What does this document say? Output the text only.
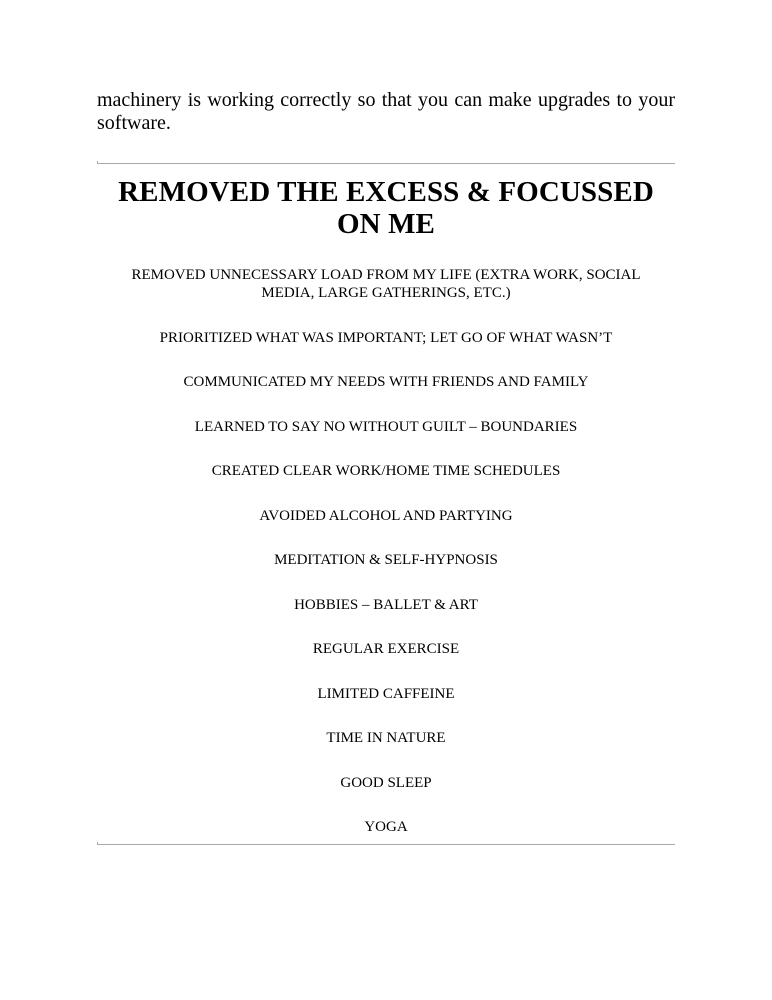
machinery is working correctly so that you can make upgrades to your software.

REMOVED THE EXCESS & FOCUSSED ON ME
REMOVED UNNECESSARY LOAD FROM MY LIFE (EXTRA WORK, SOCIAL MEDIA, LARGE GATHERINGS, ETC.)
PRIORITIZED WHAT WAS IMPORTANT; LET GO OF WHAT WASN’T
COMMUNICATED MY NEEDS WITH FRIENDS AND FAMILY
LEARNED TO SAY NO WITHOUT GUILT – BOUNDARIES
CREATED CLEAR WORK/HOME TIME SCHEDULES
AVOIDED ALCOHOL AND PARTYING
MEDITATION & SELF-HYPNOSIS
HOBBIES – BALLET & ART
REGULAR EXERCISE
LIMITED CAFFEINE
TIME IN NATURE
GOOD SLEEP
YOGA
